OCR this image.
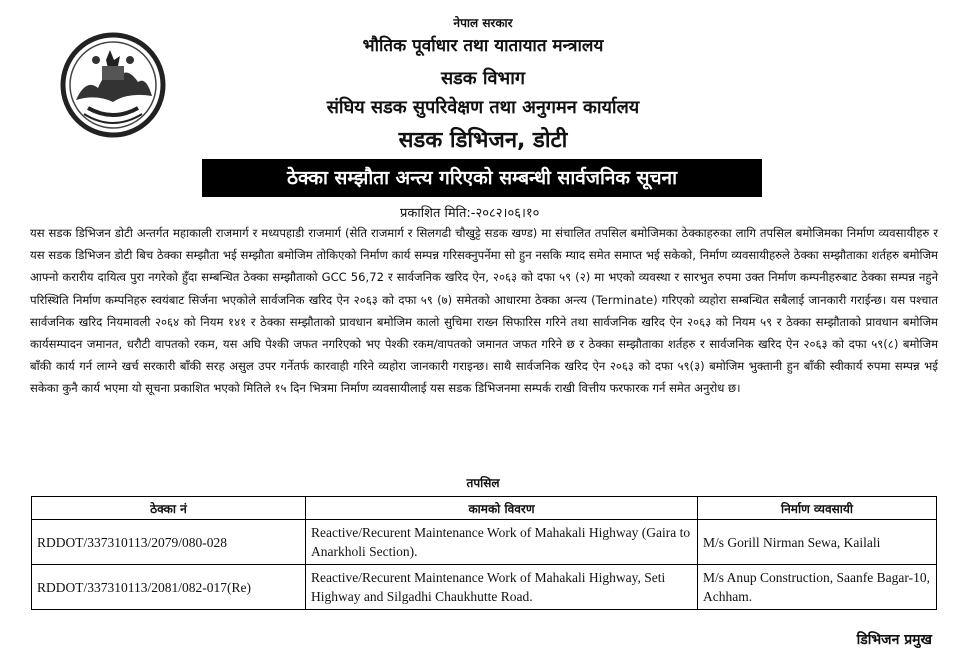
नेपाल सरकार
भौतिक पूर्वाधार तथा यातायात मन्त्रालय
सडक विभाग
संघिय सडक सुपरिवेक्षण तथा अनुगमन कार्यालय
सडक डिभिजन, डोटी
ठेक्का सम्झौता अन्त्य गरिएको सम्बन्धी सार्वजनिक सूचना
प्रकाशित मिति:-२०८२।०६।१०
यस सडक डिभिजन डोटी अन्तर्गत महाकाली राजमार्ग र मध्यपहाडी राजमार्ग (सेति राजमार्ग र सिलगढी चौखुट्टे सडक खण्ड) मा संचालित तपसिल बमोजिमका ठेक्काहरुका लागि तपसिल बमोजिमका निर्माण व्यवसायीहरु र यस सडक डिभिजन डोटी बिच ठेक्का सम्झौता भई सम्झौता बमोजिम तोकिएको निर्माण कार्य सम्पन्न गरिसक्नुपर्नेमा सो हुन नसकि म्याद समेत समाप्त भई सकेको, निर्माण व्यवसायीहरुले ठेक्का सम्झौताका शर्तहरु बमोजिम आफ्नो करारीय दायित्व पुरा नगरेको हुँदा सम्बन्धित ठेक्का सम्झौताको GCC 56,72 र सार्वजनिक खरिद ऐन, २०६३ को दफा ५९ (२) मा भएको व्यवस्था र सारभुत रुपमा उक्त निर्माण कम्पनीहरुबाट ठेक्का सम्पन्न नहुने परिस्थिति निर्माण कम्पनिहरु स्वयंबाट सिर्जना भएकोले सार्वजनिक खरिद ऐन २०६३ को दफा ५९ (७) समेतको आधारमा ठेक्का अन्त्य (Terminate) गरिएको व्यहोरा सम्बन्धित सबैलाई जानकारी गराईन्छ। यस पश्चात सार्वजनिक खरिद नियमावली २०६४ को नियम १४१ र ठेक्का सम्झौताको प्रावधान बमोजिम कालो सुचिमा राख्न सिफारिस गरिने तथा सार्वजनिक खरिद ऐन २०६३ को नियम ५९ र ठेक्का सम्झौताको प्रावधान बमोजिम कार्यसम्पादन जमानत, धरौटी वापतको रकम, यस अघि पेश्की जफत नगरिएको भए पेश्की रकम/वापतको जमानत जफत गरिने छ र ठेक्का सम्झौताका शर्तहरु र सार्वजनिक खरिद ऐन २०६३ को दफा ५९(८) बमोजिम बाँकी कार्य गर्न लाग्ने खर्च सरकारी बाँकी सरह असुल उपर गर्नेतर्फ कारवाही गरिने व्यहोरा जानकारी गराइन्छ। साथै सार्वजनिक खरिद ऐन २०६३ को दफा ५९(३) बमोजिम भुक्तानी हुन बाँकी स्वीकार्य रुपमा सम्पन्न भई सकेका कुनै कार्य भएमा यो सूचना प्रकाशित भएको मितिले १५ दिन भित्रमा निर्माण व्यवसायीलाई यस सडक डिभिजनमा सम्पर्क राखी वित्तीय फरफारक गर्न समेत अनुरोध छ।
तपसिल
ठेक्का नं	कामको विवरण	निर्माण व्यवसायी
RDDOT/337310113/2079/080-028	Reactive/Recurent Maintenance Work of Mahakali Highway (Gaira to Anarkholi Section).	M/s Gorill Nirman Sewa, Kailali
RDDOT/337310113/2081/082-017(Re)	Reactive/Recurent Maintenance Work of Mahakali Highway, Seti Highway and Silgadhi Chaukhutte Road.	M/s Anup Construction, Saanfe Bagar-10, Achham.
डिभिजन प्रमुख
